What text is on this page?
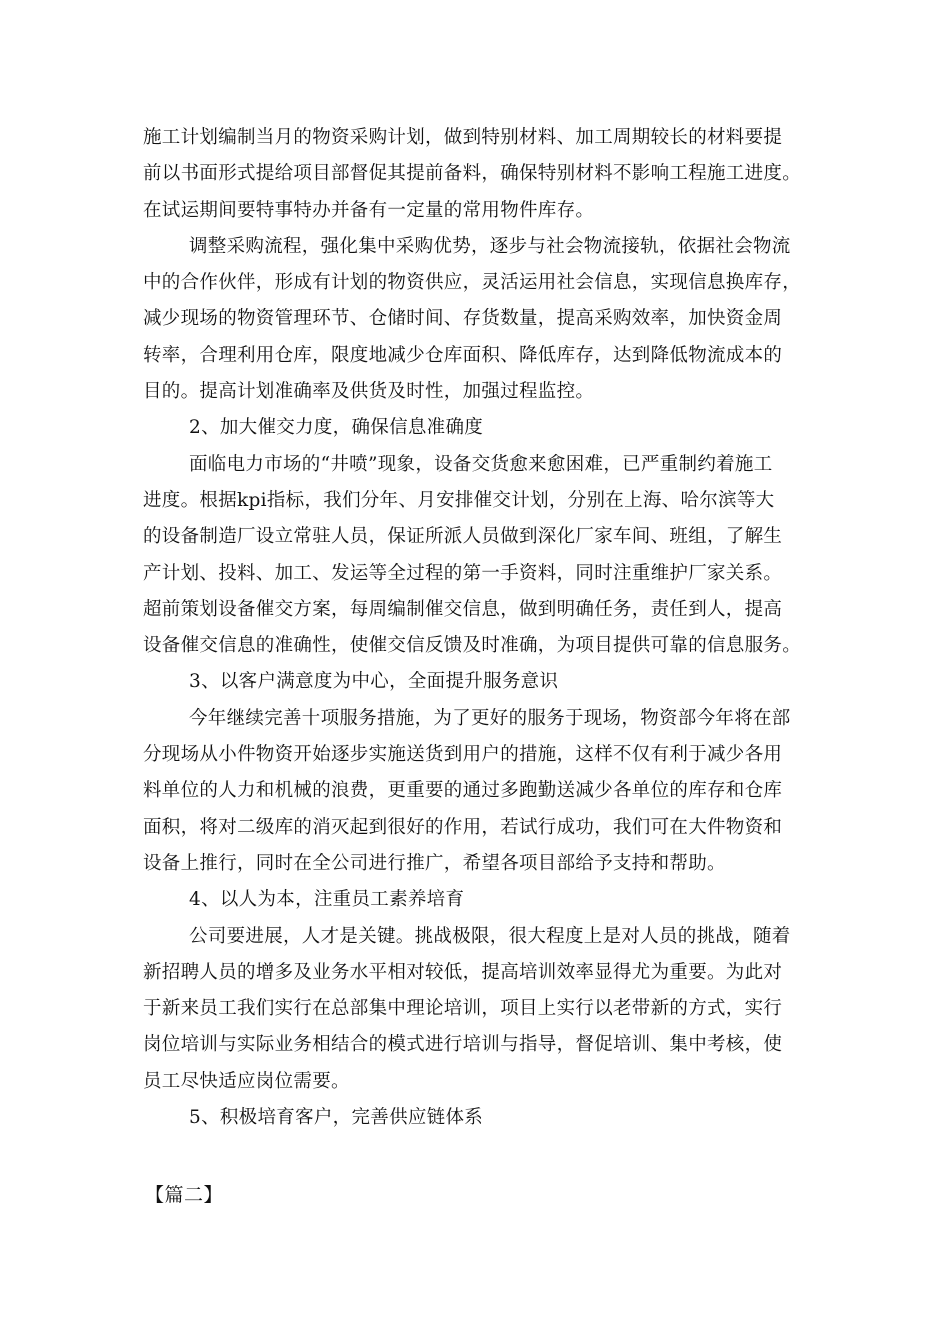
施工计划编制当月的物资采购计划，做到特别材料、加工周期较长的材料要提
前以书面形式提给项目部督促其提前备料，确保特别材料不影响工程施工进度。
在试运期间要特事特办并备有一定量的常用物件库存。
调整采购流程，强化集中采购优势，逐步与社会物流接轨，依据社会物流
中的合作伙伴，形成有计划的物资供应，灵活运用社会信息，实现信息换库存，
减少现场的物资管理环节、仓储时间、存货数量，提高采购效率，加快资金周
转率，合理利用仓库，限度地减少仓库面积、降低库存，达到降低物流成本的
目的。提高计划准确率及供货及时性，加强过程监控。
2、加大催交力度，确保信息准确度
面临电力市场的“井喷”现象，设备交货愈来愈困难，已严重制约着施工
进度。根据kpi指标，我们分年、月安排催交计划，分别在上海、哈尔滨等大
的设备制造厂设立常驻人员，保证所派人员做到深化厂家车间、班组，了解生
产计划、投料、加工、发运等全过程的第一手资料，同时注重维护厂家关系。
超前策划设备催交方案，每周编制催交信息，做到明确任务，责任到人，提高
设备催交信息的准确性，使催交信反馈及时准确，为项目提供可靠的信息服务。
3、以客户满意度为中心，全面提升服务意识
今年继续完善十项服务措施，为了更好的服务于现场，物资部今年将在部
分现场从小件物资开始逐步实施送货到用户的措施，这样不仅有利于减少各用
料单位的人力和机械的浪费，更重要的通过多跑勤送减少各单位的库存和仓库
面积，将对二级库的消灭起到很好的作用，若试行成功，我们可在大件物资和
设备上推行，同时在全公司进行推广，希望各项目部给予支持和帮助。
4、以人为本，注重员工素养培育
公司要进展，人才是关键。挑战极限，很大程度上是对人员的挑战，随着
新招聘人员的增多及业务水平相对较低，提高培训效率显得尤为重要。为此对
于新来员工我们实行在总部集中理论培训，项目上实行以老带新的方式，实行
岗位培训与实际业务相结合的模式进行培训与指导，督促培训、集中考核，使
员工尽快适应岗位需要。
5、积极培育客户，完善供应链体系
【篇二】
